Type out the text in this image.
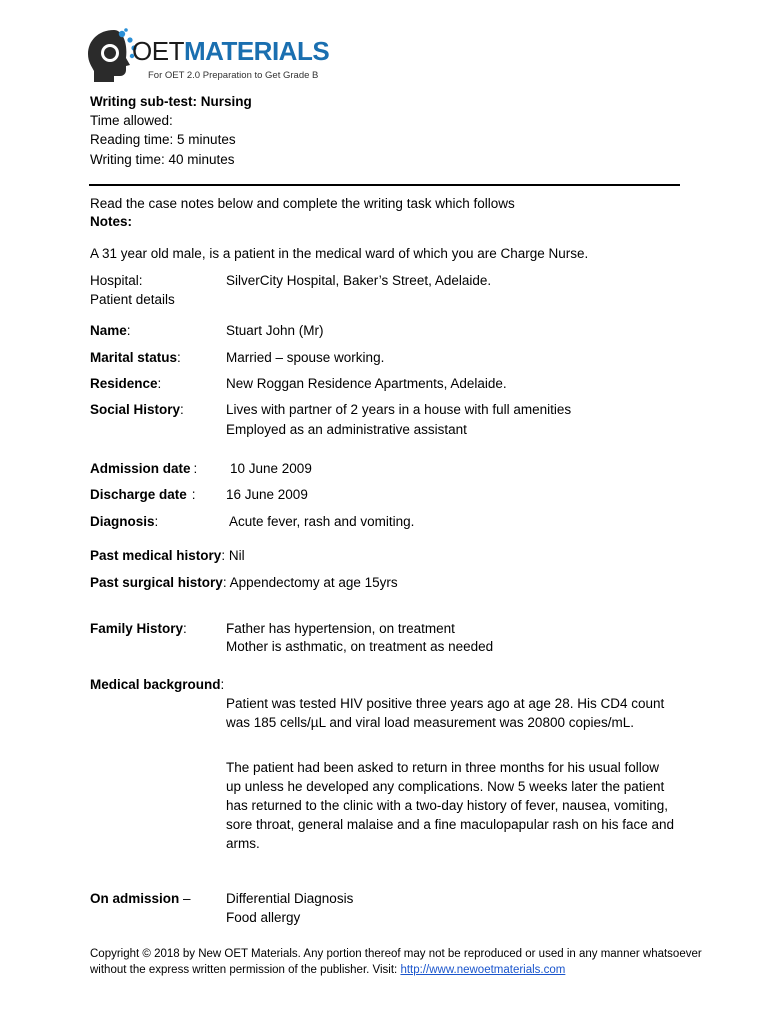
OETMATERIALS
For OET 2.0 Preparation to Get Grade B
Writing sub-test: Nursing
Time allowed:
Reading time: 5 minutes
Writing time: 40 minutes
Read the case notes below and complete the writing task which follows
Notes:
A 31 year old male, is a patient in the medical ward of which you are Charge Nurse.
Hospital:	SilverCity Hospital, Baker’s Street, Adelaide.
Patient details
Name:	Stuart John (Mr)
Marital status:	Married – spouse working.
Residence:	New Roggan Residence Apartments, Adelaide.
Social History:	Lives with partner of 2 years in a house with full amenities
Employed as an administrative assistant
Admission date : 10 June 2009
Discharge date : 16 June 2009
Diagnosis:	Acute fever, rash and vomiting.
Past medical history: Nil
Past surgical history: Appendectomy at age 15yrs
Family History:	Father has hypertension, on treatment
Mother is asthmatic, on treatment as needed
Medical background:
Patient was tested HIV positive three years ago at age 28. His CD4 count was 185 cells/µL and viral load measurement was 20800 copies/mL.
The patient had been asked to return in three months for his usual follow up unless he developed any complications. Now 5 weeks later the patient has returned to the clinic with a two-day history of fever, nausea, vomiting, sore throat, general malaise and a fine maculopapular rash on his face and arms.
On admission –	Differential Diagnosis
Food allergy
Copyright © 2018 by New OET Materials. Any portion thereof may not be reproduced or used in any manner whatsoever without the express written permission of the publisher. Visit: http://www.newoetmaterials.com
